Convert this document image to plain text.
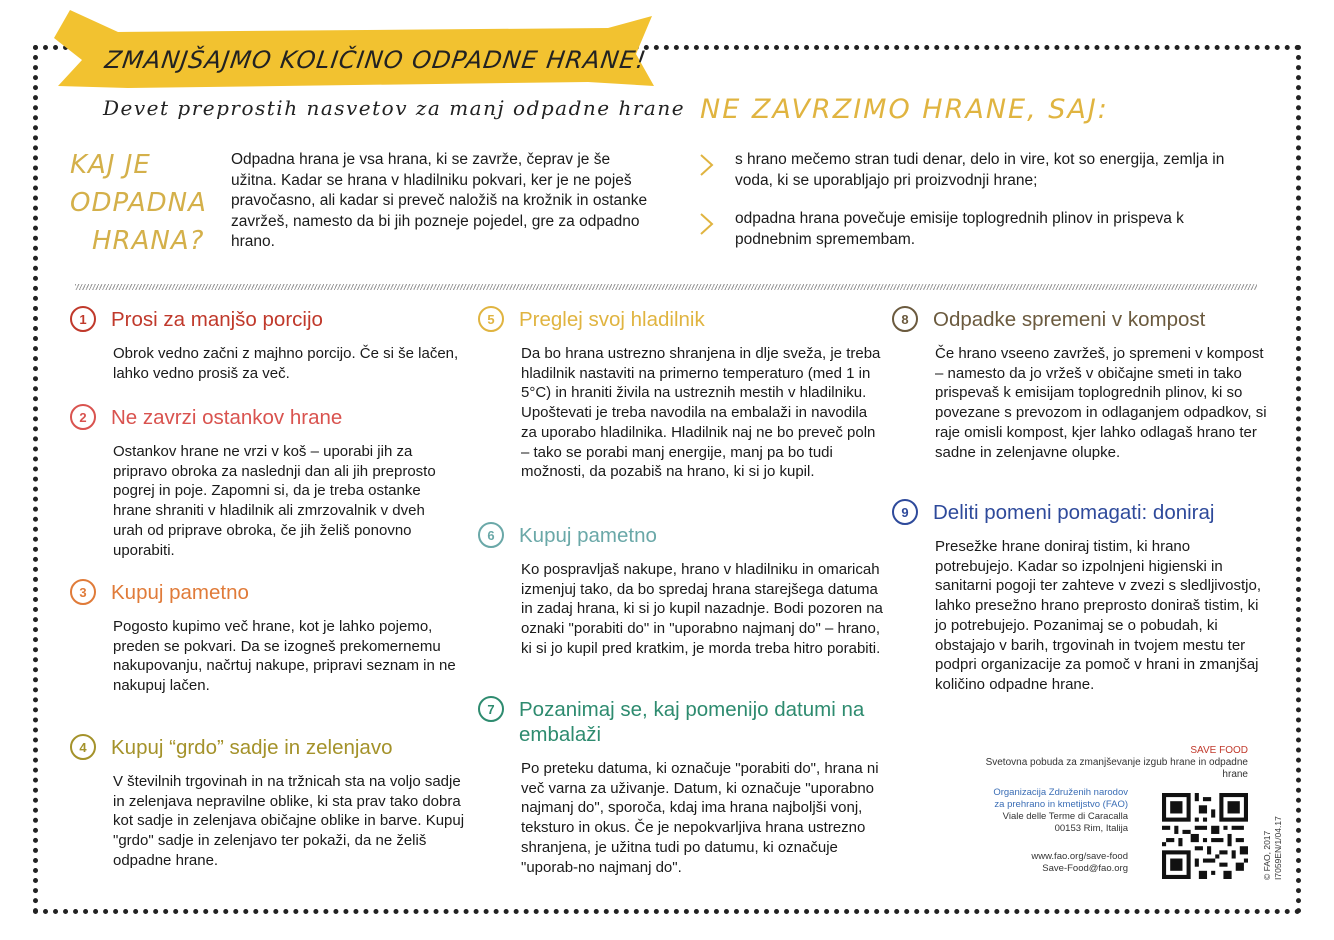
ZMANJŠAJMO KOLIČINO ODPADNE HRANE!
Devet preprostih nasvetov za manj odpadne hrane NE ZAVRZIMO HRANE, SAJ:
KAJ JE
ODPADNA
HRANA?
Odpadna hrana je vsa hrana, ki se zavrže, čeprav je še užitna. Kadar se hrana v hladilniku pokvari, ker je ne poješ pravočasno, ali kadar si preveč naložiš na krožnik in ostanke zavržeš, namesto da bi jih pozneje pojedel, gre za odpadno hrano.
s hrano mečemo stran tudi denar, delo in vire, kot so energija, zemlja in voda, ki se uporabljajo pri proizvodnji hrane;
odpadna hrana povečuje emisije toplogrednih plinov in prispeva k podnebnim spremembam.
1	Prosi za manjšo porcijo
Obrok vedno začni z majhno porcijo. Če si še lačen, lahko vedno prosiš za več.
2	Ne zavrzi ostankov hrane
Ostankov hrane ne vrzi v koš – uporabi jih za pripravo obroka za naslednji dan ali jih preprosto pogrej in poje. Zapomni si, da je treba ostanke hrane shraniti v hladilnik ali zmrzovalnik v dveh urah od priprave obroka, če jih želiš ponovno uporabiti.
3	Kupuj pametno
Pogosto kupimo več hrane, kot je lahko pojemo, preden se pokvari. Da se izogneš prekomernemu nakupovanju, načrtuj nakupe, pripravi seznam in ne nakupuj lačen.
4	Kupuj “grdo” sadje in zelenjavo
V številnih trgovinah in na tržnicah sta na voljo sadje in zelenjava nepravilne oblike, ki sta prav tako dobra kot sadje in zelenjava običajne oblike in barve. Kupuj "grdo" sadje in zelenjavo ter pokaži, da ne želiš odpadne hrane.
5	Preglej svoj hladilnik
Da bo hrana ustrezno shranjena in dlje sveža, je treba hladilnik nastaviti na primerno temperaturo (med 1 in 5°C) in hraniti živila na ustreznih mestih v hladilniku. Upoštevati je treba navodila na embalaži in navodila za uporabo hladilnika. Hladilnik naj ne bo preveč poln – tako se porabi manj energije, manj pa bo tudi možnosti, da pozabiš na hrano, ki si jo kupil.
6	Kupuj pametno
Ko pospravljaš nakupe, hrano v hladilniku in omaricah izmenjuj tako, da bo spredaj hrana starejšega datuma in zadaj hrana, ki si jo kupil nazadnje. Bodi pozoren na oznaki "porabiti do" in "uporabno najmanj do" – hrano, ki si jo kupil pred kratkim, je morda treba hitro porabiti.
7	Pozanimaj se, kaj pomenijo datumi na embalaži
Po preteku datuma, ki označuje "porabiti do", hrana ni več varna za uživanje. Datum, ki označuje "uporabno najmanj do", sporoča, kdaj ima hrana najboljši vonj, teksturo in okus. Če je nepokvarljiva hrana ustrezno shranjena, je užitna tudi po datumu, ki označuje "uporab-no najmanj do".
8	Odpadke spremeni v kompost
Če hrano vseeno zavržeš, jo spremeni v kompost – namesto da jo vržeš v običajne smeti in tako prispevaš k emisijam toplogrednih plinov, ki so povezane s prevozom in odlaganjem odpadkov, si raje omisli kompost, kjer lahko odlagaš hrano ter sadne in zelenjavne olupke.
9	Deliti pomeni pomagati: doniraj
Presežke hrane doniraj tistim, ki hrano potrebujejo. Kadar so izpolnjeni higienski in sanitarni pogoji ter zahteve v zvezi s sledljivostjo, lahko presežno hrano preprosto doniraš tistim, ki jo potrebujejo. Pozanimaj se o pobudah, ki obstajajo v barih, trgovinah in tvojem mestu ter podpri organizacije za pomoč v hrani in zmanjšaj količino odpadne hrane.
SAVE FOOD
Svetovna pobuda za zmanjševanje izgub hrane in odpadne hrane
Organizacija Združenih narodov
za prehrano in kmetijstvo (FAO)
Viale delle Terme di Caracalla
00153 Rim, Italija
www.fao.org/save-food
Save-Food@fao.org	© FAO, 2017 I7059EN/1/04.17
